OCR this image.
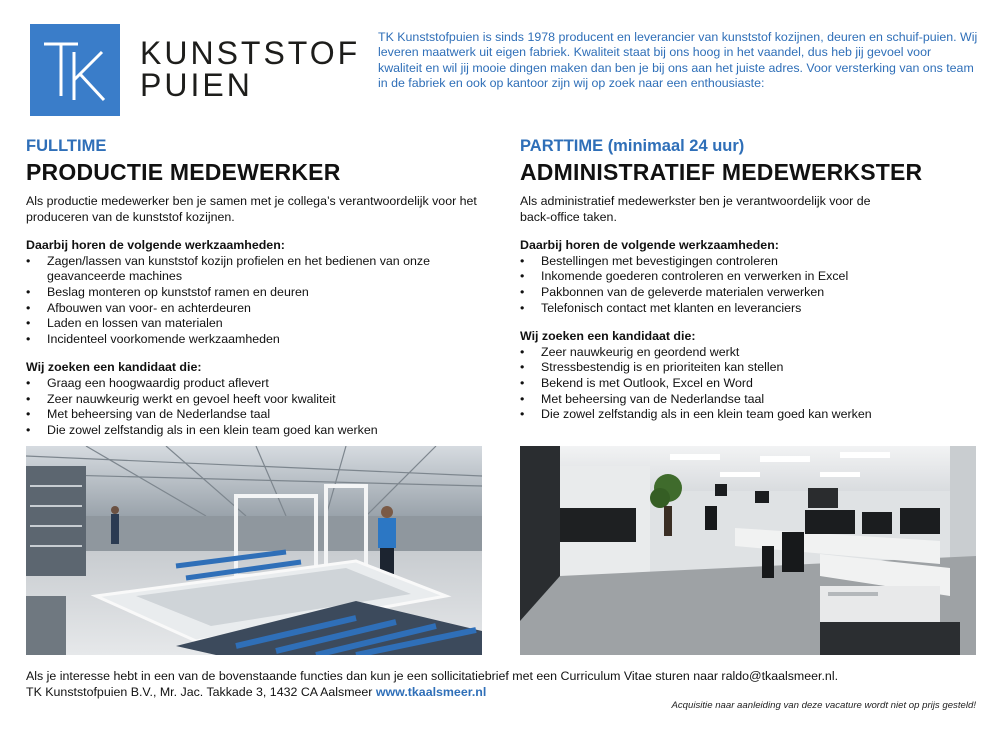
KUNSTSTOF
PUIEN
TK Kunststofpuien is sinds 1978 producent en leverancier van kunststof kozijnen, deuren en schuif-puien. Wij leveren maatwerk uit eigen fabriek. Kwaliteit staat bij ons hoog in het vaandel, dus heb jij gevoel voor kwaliteit en wil jij mooie dingen maken dan ben je bij ons aan het juiste adres. Voor versterking van ons team in de fabriek en ook op kantoor zijn wij op zoek naar een enthousiaste:
FULLTIME
PRODUCTIE MEDEWERKER
Als productie medewerker ben je samen met je collega’s verantwoordelijk voor het produceren van de kunststof kozijnen.
Daarbij horen de volgende werkzaamheden:
• Zagen/lassen van kunststof kozijn profielen en het bedienen van onze geavanceerde machines
• Beslag monteren op kunststof ramen en deuren
• Afbouwen van voor- en achterdeuren
• Laden en lossen van materialen
• Incidenteel voorkomende werkzaamheden
Wij zoeken een kandidaat die:
• Graag een hoogwaardig product aflevert
• Zeer nauwkeurig werkt en gevoel heeft voor kwaliteit
• Met beheersing van de Nederlandse taal
• Die zowel zelfstandig als in een klein team goed kan werken
PARTTIME (minimaal 24 uur)
ADMINISTRATIEF MEDEWERKSTER
Als administratief medewerkster ben je verantwoordelijk voor de back-office taken.
Daarbij horen de volgende werkzaamheden:
• Bestellingen met bevestigingen controleren
• Inkomende goederen controleren en verwerken in Excel
• Pakbonnen van de geleverde materialen verwerken
• Telefonisch contact met klanten en leveranciers
Wij zoeken een kandidaat die:
• Zeer nauwkeurig en geordend werkt
• Stressbestendig is en prioriteiten kan stellen
• Bekend is met Outlook, Excel en Word
• Met beheersing van de Nederlandse taal
• Die zowel zelfstandig als in een klein team goed kan werken
Als je interesse hebt in een van de bovenstaande functies dan kun je een sollicitatiebrief met een Curriculum Vitae sturen naar raldo@tkaalsmeer.nl.
TK Kunststofpuien B.V., Mr. Jac. Takkade 3, 1432 CA Aalsmeer www.tkaalsmeer.nl
Acquisitie naar aanleiding van deze vacature wordt niet op prijs gesteld!
